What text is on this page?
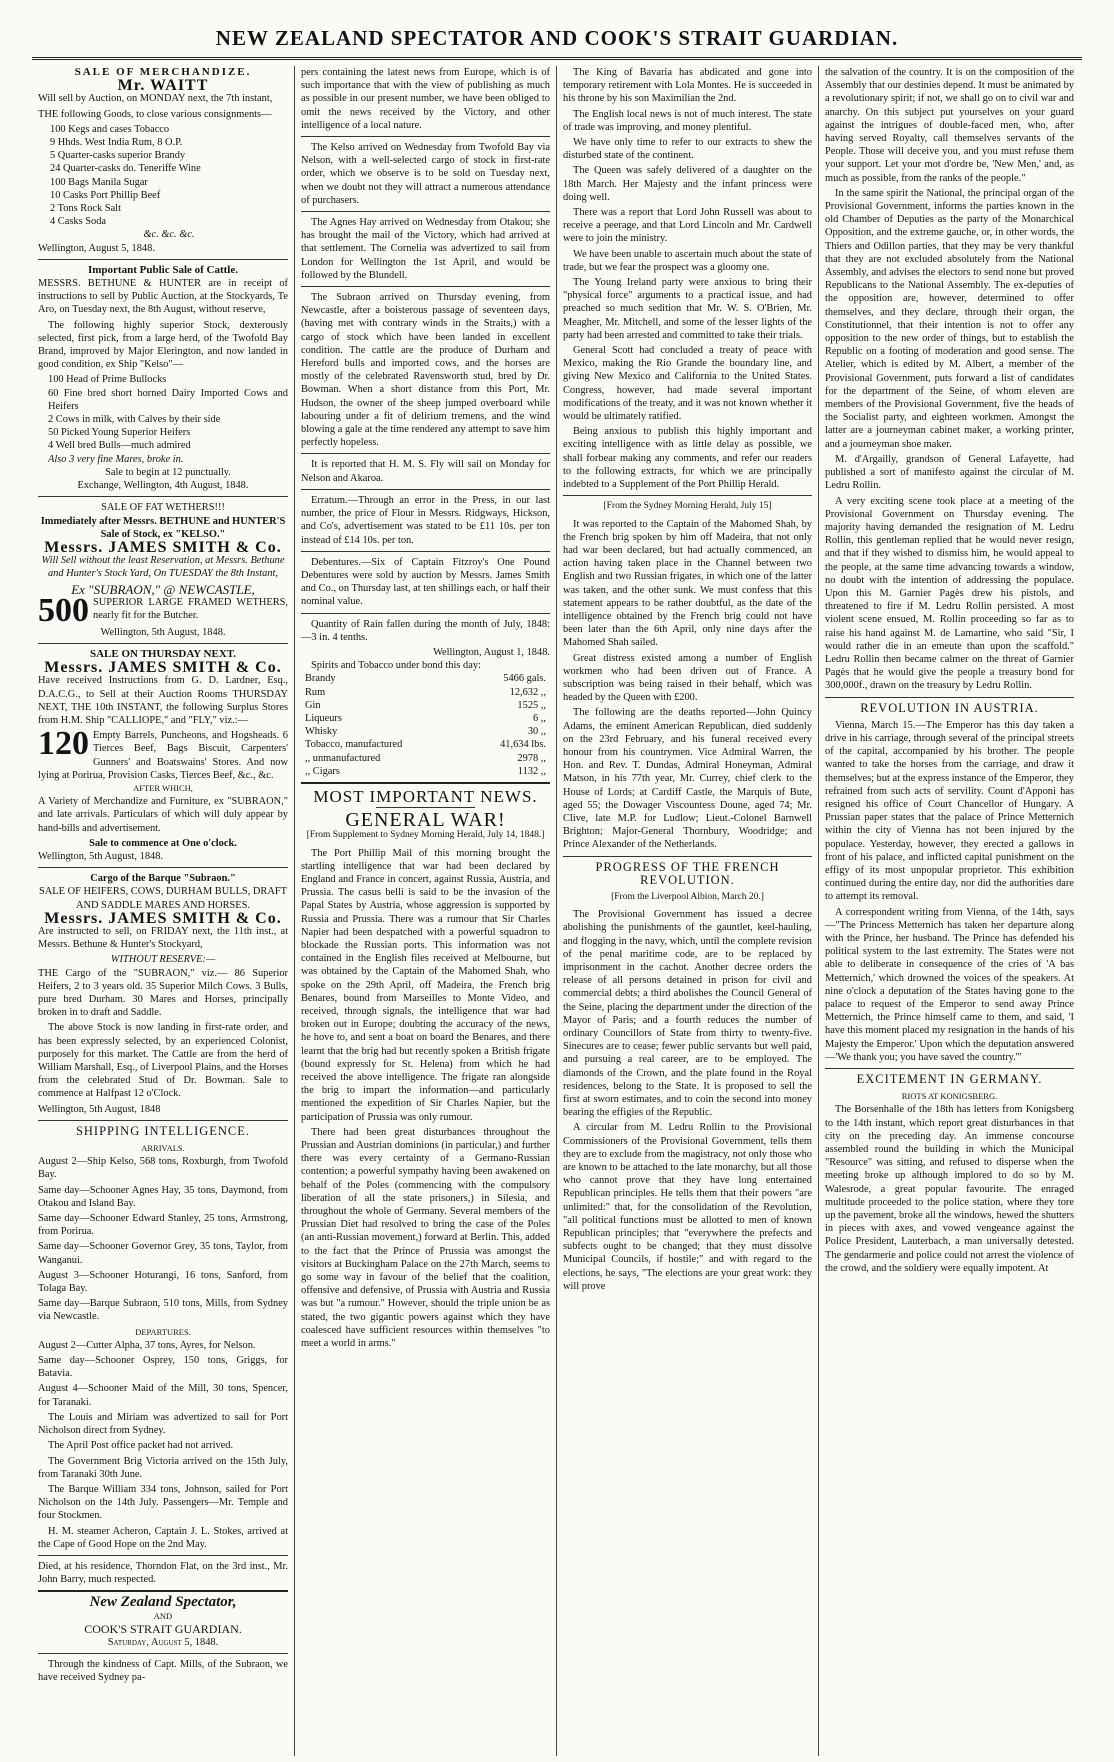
NEW ZEALAND SPECTATOR AND COOK'S STRAIT GUARDIAN.
SALE OF MERCHANDIZE.
Mr. WAITT

Will sell by Auction, on MONDAY next, the 7th instant,

THE following Goods, to close various consignments—

100 Kegs and cases Tobacco
9 Hhds. West India Rum, 8 O.P.
5 Quarter-casks superior Brandy
24 Quarter-casks do. Teneriffe Wine
100 Bags Manila Sugar
10 Casks Port Phillip Beef
2 Tons Rock Salt
4 Casks Soda
&c. &c. &c.

Wellington, August 5, 1848.

Important Public Sale of Cattle.

MESSRS. BETHUNE & HUNTER are in receipt of instructions to sell by Public Auction, at the Stockyards, Te Aro, on Tuesday next, the 8th August, without reserve,

The following highly superior Stock, dexterously selected, first pick, from a large herd, of the Twofold Bay Brand, improved by Major Elerington, and now landed in good condition, ex Ship "Kelso"—

100 Head of Prime Bullocks
60 Fine bred short horned Dairy Imported Cows and Heifers
2 Cows in milk, with Calves by their side
50 Picked Young Superior Heifers
4 Well bred Bulls—much admired
Also 3 very fine Mares, broke in.
Sale to begin at 12 punctually.

Exchange, Wellington, 4th August, 1848.

SALE OF FAT WETHERS!!!
Immediately after Messrs. BETHUNE and HUNTER'S Sale of Stock, ex "KELSO."
Messrs. JAMES SMITH & Co.

Will Sell without the least Reservation, at Messrs. Bethune and Hunter's Stock Yard, On TUESDAY the 8th Instant,

Ex "SUBRAON," @ NEWCASTLE,
500 SUPERIOR LARGE FRAMED WETHERS, nearly fit for the Butcher.

Wellington, 5th August, 1848.

SALE ON THURSDAY NEXT.
Messrs. JAMES SMITH & Co.

Have received Instructions from G. D. Lardner, Esq., D.A.C.G., to Sell at their Auction Rooms THURSDAY NEXT, THE 10th INSTANT, the following Surplus Stores from H.M. Ship "CALLIOPE," and "FLY," viz.:—

120 Empty Barrels, Puncheons, and Hogsheads. 6 Tierces Beef, Bags Biscuit, Carpenters' Gunners' and Boatswains' Stores. And now lying at Porirua, Provision Casks, Tierces Beef, &c., &c.
AFTER WHICH,

A Variety of Merchandize and Furniture, ex "SUBRAON," and late arrivals. Particulars of which will duly appear by hand-bills and advertisement.

Sale to commence at One o'clock.

Wellington, 5th August, 1848.

Cargo of the Barque "Subraon."
SALE OF HEIFERS, COWS, DURHAM BULLS, DRAFT AND SADDLE MARES AND HORSES.
Messrs. JAMES SMITH & Co.

Are instructed to sell, on FRIDAY next, the 11th inst., at Messrs. Bethune & Hunter's Stockyard,

WITHOUT RESERVE:—

THE Cargo of the "SUBRAON," viz.— 86 Superior Heifers, 2 to 3 years old. 35 Superior Milch Cows. 3 Bulls, pure bred Durham. 30 Mares and Horses, principally broken in to draft and Saddle.

The above Stock is now landing in first-rate order, and has been expressly selected, by an experienced Colonist, purposely for this market. The Cattle are from the herd of William Marshall, Esq., of Liverpool Plains, and the Horses from the celebrated Stud of Dr. Bowman. Sale to commence at Halfpast 12 o'Clock.

Wellington, 5th August, 1848

SHIPPING INTELLIGENCE.
ARRIVALS.

August 2—Ship Kelso, 568 tons, Roxburgh, from Twofold Bay.

Same day—Schooner Agnes Hay, 35 tons, Daymond, from Otakou and Island Bay.

Same day—Schooner Edward Stanley, 25 tons, Armstrong, from Porirua.

Same day—Schooner Governor Grey, 35 tons, Taylor, from Wanganui.

August 3—Schooner Hoturangi, 16 tons, Sanford, from Tolaga Bay.

Same day—Barque Subraon, 510 tons, Mills, from Sydney via Newcastle.

DEPARTURES.

August 2—Cutter Alpha, 37 tons, Ayres, for Nelson.

Same day—Schooner Osprey, 150 tons, Griggs, for Batavia.

August 4—Schooner Maid of the Mill, 30 tons, Spencer, for Taranaki.

The Louis and Miriam was advertized to sail for Port Nicholson direct from Sydney.

The April Post office packet had not arrived.

The Government Brig Victoria arrived on the 15th July, from Taranaki 30th June.

The Barque William 334 tons, Johnson, sailed for Port Nicholson on the 14th July. Passengers—Mr. Temple and four Stockmen.

H. M. steamer Acheron, Captain J. L. Stokes, arrived at the Cape of Good Hope on the 2nd May.

Died, at his residence, Thorndon Flat, on the 3rd inst., Mr. John Barry, much respected.

New Zealand Spectator,
AND
COOK'S STRAIT GUARDIAN.
Saturday, August 5, 1848.

Through the kindness of Capt. Mills, of the Subraon, we have received Sydney pa-

pers containing the latest news from Europe, which is of such importance that with the view of publishing as much as possible in our present number, we have been obliged to omit the news received by the Victory, and other intelligence of a local nature.

The Kelso arrived on Wednesday from Twofold Bay via Nelson, with a well-selected cargo of stock in first-rate order, which we observe is to be sold on Tuesday next, when we doubt not they will attract a numerous attendance of purchasers.

The Agnes Hay arrived on Wednesday from Otakou; she has brought the mail of the Victory, which had arrived at that settlement. The Cornelia was advertized to sail from London for Wellington the 1st April, and would be followed by the Blundell.

The Subraon arrived on Thursday evening, from Newcastle, after a boisterous passage of seventeen days, (having met with contrary winds in the Straits,) with a cargo of stock which have been landed in excellent condition. The cattle are the produce of Durham and Hereford bulls and imported cows, and the horses are mostly of the celebrated Ravensworth stud, bred by Dr. Bowman. When a short distance from this Port, Mr. Hudson, the owner of the sheep jumped overboard while labouring under a fit of delirium tremens, and the wind blowing a gale at the time rendered any attempt to save him perfectly hopeless.

It is reported that H. M. S. Fly will sail on Monday for Nelson and Akaroa.

Erratum.—Through an error in the Press, in our last number, the price of Flour in Messrs. Ridgways, Hickson, and Co's, advertisement was stated to be £11 10s. per ton instead of £14 10s. per ton.

Debentures.—Six of Captain Fitzroy's One Pound Debentures were sold by auction by Messrs. James Smith and Co., on Thursday last, at ten shillings each, or half their nominal value.

Quantity of Rain fallen during the month of July, 1848:—3 in. 4 tenths.

Wellington, August 1, 1848.
Spirits and Tobacco under bond this day:
Brandy	5466 gals.
Rum	12,632 ,,
Gin	1525 ,,
Liqueurs	6 ,,
Whisky	30 ,,
Tobacco, manufactured	41,634 lbs.
,, unmanufactured	2978 ,,
,, Cigars	1132 ,,
MOST IMPORTANT NEWS.
GENERAL WAR!
[From Supplement to Sydney Morning Herald, July 14, 1848.]

The Port Phillip Mail of this morning brought the startling intelligence that war had been declared by England and France in concert, against Russia, Austria, and Prussia. The casus belli is said to be the invasion of the Papal States by Austria, whose aggression is supported by Russia and Prussia. There was a rumour that Sir Charles Napier had been despatched with a powerful squadron to blockade the Russian ports. This information was not contained in the English files received at Melbourne, but was obtained by the Captain of the Mahomed Shah, who spoke on the 29th April, off Madeira, the French brig Benares, bound from Marseilles to Monte Video, and received, through signals, the intelligence that war had broken out in Europe; doubting the accuracy of the news, he hove to, and sent a boat on board the Benares, and there learnt that the brig had but recently spoken a British frigate (bound expressly for St. Helena) from which he had received the above intelligence. The frigate ran alongside the brig to impart the information—and particularly mentioned the expedition of Sir Charles Napier, but the participation of Prussia was only rumour.

There had been great disturbances throughout the Prussian and Austrian dominions (in particular,) and further there was every certainty of a Germano-Russian contention; a powerful sympathy having been awakened on behalf of the Poles (commencing with the compulsory liberation of all the state prisoners,) in Silesia, and throughout the whole of Germany. Several members of the Prussian Diet had resolved to bring the case of the Poles (an anti-Russian movement,) forward at Berlin. This, added to the fact that the Prince of Prussia was amongst the visitors at Buckingham Palace on the 27th March, seems to go some way in favour of the belief that the coalition, offensive and defensive, of Prussia with Austria and Russia was but "a rumour." However, should the triple union be as stated, the two gigantic powers against which they have coalesced have sufficient resources within themselves "to meet a world in arms."

The King of Bavaria has abdicated and gone into temporary retirement with Lola Montes. He is succeeded in his throne by his son Maximilian the 2nd.

The English local news is not of much interest. The state of trade was improving, and money plentiful.

We have only time to refer to our extracts to shew the disturbed state of the continent.

The Queen was safely delivered of a daughter on the 18th March. Her Majesty and the infant princess were doing well.

There was a report that Lord John Russell was about to receive a peerage, and that Lord Lincoln and Mr. Cardwell were to join the ministry.

We have been unable to ascertain much about the state of trade, but we fear the prospect was a gloomy one.

The Young Ireland party were anxious to bring their "physical force" arguments to a practical issue, and had preached so much sedition that Mr. W. S. O'Brien, Mr. Meagher, Mr. Mitchell, and some of the lesser lights of the party had been arrested and committed to take their trials.

General Scott had concluded a treaty of peace with Mexico, making the Rio Grande the boundary line, and giving New Mexico and California to the United States. Congress, however, had made several important modifications of the treaty, and it was not known whether it would be ultimately ratified.

Being anxious to publish this highly important and exciting intelligence with as little delay as possible, we shall forbear making any comments, and refer our readers to the following extracts, for which we are principally indebted to a Supplement of the Port Phillip Herald.

[From the Sydney Morning Herald, July 15]

It was reported to the Captain of the Mahomed Shah, by the French brig spoken by him off Madeira, that not only had war been declared, but had actually commenced, an action having taken place in the Channel between two English and two Russian frigates, in which one of the latter was taken, and the other sunk. We must confess that this statement appears to be rather doubtful, as the date of the intelligence obtained by the French brig could not have been later than the 6th April, only nine days after the Mahomed Shah sailed.

Great distress existed among a number of English workmen who had been driven out of France. A subscription was being raised in their behalf, which was headed by the Queen with £200.

The following are the deaths reported—John Quincy Adams, the eminent American Republican, died suddenly on the 23rd February, and his funeral received every honour from his countrymen. Vice Admiral Warren, the Hon. and Rev. T. Dundas, Admiral Honeyman, Admiral Matson, in his 77th year, Mr. Currey, chief clerk to the House of Lords; at Cardiff Castle, the Marquis of Bute, aged 55; the Dowager Viscountess Doune, aged 74; Mr. Clive, late M.P. for Ludlow; Lieut.-Colonel Barnwell Brighton; Major-General Thornbury, Woodridge; and Prince Alexander of the Netherlands.

PROGRESS OF THE FRENCH REVOLUTION.
[From the Liverpool Albion, March 20.]

The Provisional Government has issued a decree abolishing the punishments of the gauntlet, keel-hauling, and flogging in the navy, which, until the complete revision of the penal maritime code, are to be replaced by imprisonment in the cachot. Another decree orders the release of all persons detained in prison for civil and commercial debts; a third abolishes the Council General of the Seine, placing the department under the direction of the Mayor of Paris; and a fourth reduces the number of ordinary Councillors of State from thirty to twenty-five. Sinecures are to cease; fewer public servants but well paid, and pursuing a real career, are to be employed. The diamonds of the Crown, and the plate found in the Royal residences, belong to the State. It is proposed to sell the first at sworn estimates, and to coin the second into money bearing the effigies of the Republic.

A circular from M. Ledru Rollin to the Provisional Commissioners of the Provisional Government, tells them they are to exclude from the magistracy, not only those who are known to be attached to the late monarchy, but all those who cannot prove that they have long entertained Republican principles. He tells them that their powers "are unlimited:" that, for the consolidation of the Revolution, "all political functions must be allotted to men of known Republican principles; that "everywhere the prefects and subfects ought to be changed; that they must dissolve Municipal Councils, if hostile;" and with regard to the elections, he says, "The elections are your great work: they will prove

the salvation of the country. It is on the composition of the Assembly that our destinies depend. It must be animated by a revolutionary spirit; if not, we shall go on to civil war and anarchy. On this subject put yourselves on your guard against the intrigues of double-faced men, who, after having served Royalty, call themselves servants of the People. Those will deceive you, and you must refuse them your support. Let your mot d'ordre be, 'New Men,' and, as much as possible, from the ranks of the people."

In the same spirit the National, the principal organ of the Provisional Government, informs the parties known in the old Chamber of Deputies as the party of the Monarchical Opposition, and the extreme gauche, or, in other words, the Thiers and Odillon parties, that they may be very thankful that they are not excluded absolutely from the National Assembly, and advises the electors to send none but proved Republicans to the National Assembly. The ex-deputies of the opposition are, however, determined to offer themselves, and they declare, through their organ, the Constitutionnel, that their intention is not to offer any opposition to the new order of things, but to establish the Republic on a footing of moderation and good sense. The Atelier, which is edited by M. Albert, a member of the Provisional Government, puts forward a list of candidates for the department of the Seine, of whom eleven are members of the Provisional Government, five the heads of the Socialist party, and eighteen workmen. Amongst the latter are a journeyman cabinet maker, a working printer, and a journeyman shoe maker.

M. d'Argailly, grandson of General Lafayette, had published a sort of manifesto against the circular of M. Ledru Rollin.

A very exciting scene took place at a meeting of the Provisional Government on Thursday evening. The majority having demanded the resignation of M. Ledru Rollin, this gentleman replied that he would never resign, and that if they wished to dismiss him, he would appeal to the people, at the same time advancing towards a window, no doubt with the intention of addressing the populace. Upon this M. Garnier Pagès drew his pistols, and threatened to fire if M. Ledru Rollin persisted. A most violent scene ensued, M. Rollin proceeding so far as to raise his hand against M. de Lamartine, who said "Sir, I would rather die in an emeute than upon the scaffold." Ledru Rollin then became calmer on the threat of Garnier Pagès that he would give the people a treasury bond for 300,000f., drawn on the treasury by Ledru Rollin.

REVOLUTION IN AUSTRIA.

Vienna, March 15.—The Emperor has this day taken a drive in his carriage, through several of the principal streets of the capital, accompanied by his brother. The people wanted to take the horses from the carriage, and draw it themselves; but at the express instance of the Emperor, they refrained from such acts of servility. Count d'Apponi has resigned his office of Court Chancellor of Hungary. A Prussian paper states that the palace of Prince Metternich within the city of Vienna has not been injured by the populace. Yesterday, however, they erected a gallows in front of his palace, and inflicted capital punishment on the effigy of its most unpopular proprietor. This exhibition continued during the entire day, nor did the authorities dare to attempt its removal.

A correspondent writing from Vienna, of the 14th, says—"The Princess Metternich has taken her departure along with the Prince, her husband. The Prince has defended his political system to the last extremity. The States were not able to deliberate in consequence of the cries of 'A bas Metternich,' which drowned the voices of the speakers. At nine o'clock a deputation of the States having gone to the palace to request of the Emperor to send away Prince Metternich, the Prince himself came to them, and said, 'I have this moment placed my resignation in the hands of his Majesty the Emperor.' Upon which the deputation answered—'We thank you; you have saved the country.'"

EXCITEMENT IN GERMANY.
RIOTS AT KONIGSBERG.

The Borsenhalle of the 18th has letters from Konigsberg to the 14th instant, which report great disturbances in that city on the preceding day. An immense concourse assembled round the building in which the Municipal "Resource" was sitting, and refused to disperse when the meeting broke up although implored to do so by M. Walesrode, a great popular favourite. The enraged multitude proceeded to the police station, where they tore up the pavement, broke all the windows, hewed the shutters in pieces with axes, and vowed vengeance against the Police President, Lauterbach, a man universally detested. The gendarmerie and police could not arrest the violence of the crowd, and the soldiery were equally impotent. At
